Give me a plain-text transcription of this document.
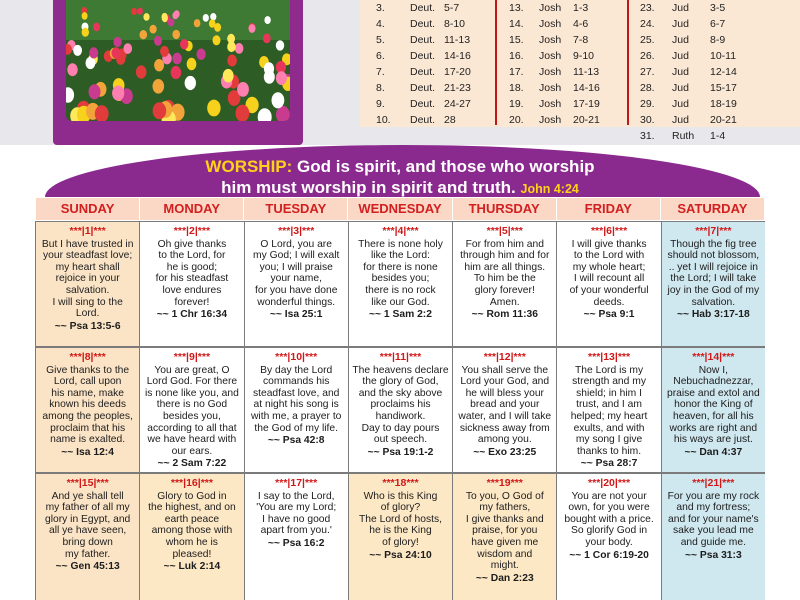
3. Deut. 5-7
4. Deut. 8-10
5. Deut. 11-13
6. Deut. 14-16
7. Deut. 17-20
8. Deut. 21-23
9. Deut. 24-27
10. Deut. 28
13. Josh 1-3
14. Josh 4-6
15. Josh 7-8
16. Josh 9-10
17. Josh 11-13
18. Josh 14-16
19. Josh 17-19
20. Josh 20-21
23. Jud 3-5
24. Jud 6-7
25. Jud 8-9
26. Jud 10-11
27. Jud 12-14
28. Jud 15-17
29. Jud 18-19
30. Jud 20-21
31. Ruth 1-4
WORSHIP: God is spirit, and those who worship
him must worship in spirit and truth. John 4:24
SUNDAY	MONDAY	TUESDAY	WEDNESDAY	THURSDAY	FRIDAY	SATURDAY
***|1|***
But I have trusted in
your steadfast love;
my heart shall
rejoice in your
salvation.
I will sing to the
Lord.
~~ Psa 13:5-6
***|2|***
Oh give thanks
to the Lord, for
he is good;
for his steadfast
love endures
forever!
~~ 1 Chr 16:34
***|3|***
O Lord, you are
my God; I will exalt
you; I will praise
your name,
for you have done
wonderful things.
~~ Isa 25:1
***|4|***
There is none holy
like the Lord:
for there is none
besides you;
there is no rock
like our God.
~~ 1 Sam 2:2
***|5|***
For from him and
through him and for
him are all things.
To him be the
glory forever!
Amen.
~~ Rom 11:36
***|6|***
I will give thanks
to the Lord with
my whole heart;
I will recount all
of your wonderful
deeds.
~~ Psa 9:1
***|7|***
Though the fig tree
should not blossom,
.. yet I will rejoice in
the Lord; I will take
joy in the God of my
salvation.
~~ Hab 3:17-18
***|8|***
Give thanks to the
Lord, call upon
his name, make
known his deeds
among the peoples,
proclaim that his
name is exalted.
~~ Isa 12:4
***|9|***
You are great, O
Lord God. For there
is none like you, and
there is no God
besides you,
according to all that
we have heard with
our ears.
~~ 2 Sam 7:22
***|10|***
By day the Lord
commands his
steadfast love, and
at night his song is
with me, a prayer to
the God of my life.
~~ Psa 42:8
***|11|***
The heavens declare
the glory of God,
and the sky above
proclaims his
handiwork.
Day to day pours
out speech.
~~ Psa 19:1-2
***|12|***
You shall serve the
Lord your God, and
he will bless your
bread and your
water, and I will take
sickness away from
among you.
~~ Exo 23:25
***|13|***
The Lord is my
strength and my
shield; in him I
trust, and I am
helped; my heart
exults, and with
my song I give
thanks to him.
~~ Psa 28:7
***|14|***
Now I,
Nebuchadnezzar,
praise and extol and
honor the King of
heaven, for all his
works are right and
his ways are just.
~~ Dan 4:37
***|15|***
And ye shall tell
my father of all my
glory in Egypt, and
all ye have seen,
bring down
my father.
~~ Gen 45:13
***|16|***
Glory to God in
the highest, and on
earth peace
among those with
whom he is
pleased!
~~ Luk 2:14
***|17|***
I say to the Lord,
'You are my Lord;
I have no good
apart from you.'
~~ Psa 16:2
***18***
Who is this King
of glory?
The Lord of hosts,
he is the King
of glory!
~~ Psa 24:10
***19***
To you, O God of
my fathers,
I give thanks and
praise, for you
have given me
wisdom and
might.
~~ Dan 2:23
***|20|***
You are not your
own, for you were
bought with a price.
So glorify God in
your body.
~~ 1 Cor 6:19-20
***|21|***
For you are my rock
and my fortress;
and for your name's
sake you lead me
and guide me.
~~ Psa 31:3
